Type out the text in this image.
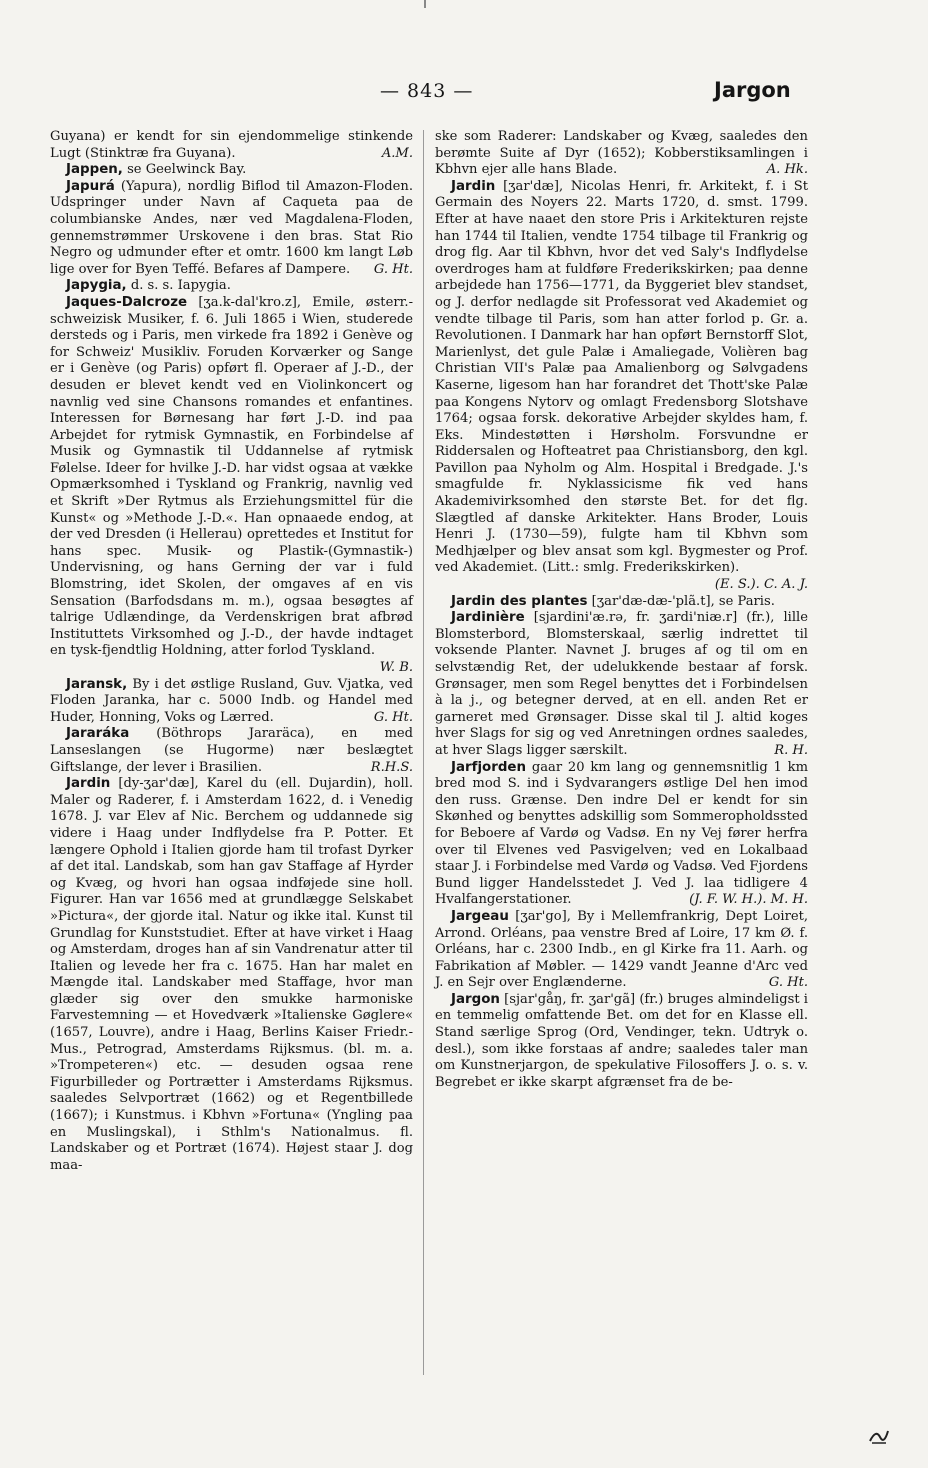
— 843 —	Jargon

Guyana) er kendt for sin ejendommelige stinkende Lugt (Stinktræ fra Guyana).	A.M.

Jappen, se Geelwinck Bay.

Japurá (Yapura), nordlig Biflod til Amazon-Floden. Udspringer under Navn af Caqueta paa de columbianske Andes, nær ved Magdalena-Floden, gennemstrømmer Urskovene i den bras. Stat Rio Negro og udmunder efter et omtr. 1600 km langt Løb lige over for Byen Teffé. Befares af Dampere.	G. Ht.

Japygia, d. s. s. Iapygia.

Jaques-Dalcroze [ʒa.k-dal'kro.z], Emile, østerr.-schweizisk Musiker, f. 6. Juli 1865 i Wien, studerede dersteds og i Paris, men virkede fra 1892 i Genève og for Schweiz' Musikliv. Foruden Korværker og Sange er i Genève (og Paris) opført fl. Operaer af J.-D., der desuden er blevet kendt ved en Violinkoncert og navnlig ved sine Chansons romandes et enfantines. Interessen for Børnesang har ført J.-D. ind paa Arbejdet for rytmisk Gymnastik, en Forbindelse af Musik og Gymnastik til Uddannelse af rytmisk Følelse. Ideer for hvilke J.-D. har vidst ogsaa at vække Opmærksomhed i Tyskland og Frankrig, navnlig ved et Skrift »Der Rytmus als Erziehungsmittel für die Kunst« og »Methode J.-D.«. Han opnaaede endog, at der ved Dresden (i Hellerau) oprettedes et Institut for hans spec. Musik- og Plastik-(Gymnastik-) Undervisning, og hans Gerning der var i fuld Blomstring, idet Skolen, der omgaves af en vis Sensation (Barfodsdans m. m.), ogsaa besøgtes af talrige Udlændinge, da Verdenskrigen brat afbrød Instituttets Virksomhed og J.-D., der havde indtaget en tysk-fjendtlig Holdning, atter forlod Tyskland.
W. B.

Jaransk, By i det østlige Rusland, Guv. Vjatka, ved Floden Jaranka, har c. 5000 Indb. og Handel med Huder, Honning, Voks og Lærred.	G. Ht.

Jararáka (Böthrops Jararäca), en med Lanseslangen (se Hugorme) nær beslægtet Giftslange, der lever i Brasilien.	R.H.S.

Jardin [dy-ʒar'dæ], Karel du (ell. Dujardin), holl. Maler og Raderer, f. i Amsterdam 1622, d. i Venedig 1678. J. var Elev af Nic. Berchem og uddannede sig videre i Haag under Indflydelse fra P. Potter. Et længere Ophold i Italien gjorde ham til trofast Dyrker af det ital. Landskab, som han gav Staffage af Hyrder og Kvæg, og hvori han ogsaa indføjede sine holl. Figurer. Han var 1656 med at grundlægge Selskabet »Pictura«, der gjorde ital. Natur og ikke ital. Kunst til Grundlag for Kunststudiet. Efter at have virket i Haag og Amsterdam, droges han af sin Vandrenatur atter til Italien og levede her fra c. 1675. Han har malet en Mængde ital. Landskaber med Staffage, hvor man glæder sig over den smukke harmoniske Farvestemning — et Hovedværk »Italienske Gøglere« (1657, Louvre), andre i Haag, Berlins Kaiser Friedr.-Mus., Petrograd, Amsterdams Rijksmus. (bl. m. a. »Trompeteren«) etc. — desuden ogsaa rene Figurbilleder og Portrætter i Amsterdams Rijksmus. saaledes Selvportræt (1662) og et Regentbillede (1667); i Kunstmus. i Kbhvn »Fortuna« (Yngling paa en Muslingskal), i Sthlm's Nationalmus. fl. Landskaber og et Portræt (1674). Højest staar J. dog maa-

ske som Raderer: Landskaber og Kvæg, saaledes den berømte Suite af Dyr (1652); Kobberstiksamlingen i Kbhvn ejer alle hans Blade.	A. Hk.

Jardin [ʒar'dæ], Nicolas Henri, fr. Arkitekt, f. i St Germain des Noyers 22. Marts 1720, d. smst. 1799. Efter at have naaet den store Pris i Arkitekturen rejste han 1744 til Italien, vendte 1754 tilbage til Frankrig og drog flg. Aar til Kbhvn, hvor det ved Saly's Indflydelse overdroges ham at fuldføre Frederikskirken; paa denne arbejdede han 1756—1771, da Byggeriet blev standset, og J. derfor nedlagde sit Professorat ved Akademiet og vendte tilbage til Paris, som han atter forlod p. Gr. a. Revolutionen. I Danmark har han opført Bernstorff Slot, Marienlyst, det gule Palæ i Amaliegade, Volièren bag Christian VII's Palæ paa Amalienborg og Sølvgadens Kaserne, ligesom han har forandret det Thott'ske Palæ paa Kongens Nytorv og omlagt Fredensborg Slotshave 1764; ogsaa forsk. dekorative Arbejder skyldes ham, f. Eks. Mindestøtten i Hørsholm. Forsvundne er Riddersalen og Hofteatret paa Christiansborg, den kgl. Pavillon paa Nyholm og Alm. Hospital i Bredgade. J.'s smagfulde fr. Nyklassicisme fik ved hans Akademivirksomhed den største Bet. for det flg. Slægtled af danske Arkitekter. Hans Broder, Louis Henri J. (1730—59), fulgte ham til Kbhvn som Medhjælper og blev ansat som kgl. Bygmester og Prof. ved Akademiet. (Litt.: smlg. Frederikskirken).
(E. S.). C. A. J.

Jardin des plantes [ʒar'dæ-dæ-'plã.t], se Paris.

Jardinière [sjardini'æ.rə, fr. ʒardi'niæ.r] (fr.), lille Blomsterbord, Blomsterskaal, særlig indrettet til voksende Planter. Navnet J. bruges af og til om en selvstændig Ret, der udelukkende bestaar af forsk. Grønsager, men som Regel benyttes det i Forbindelsen à la j., og betegner derved, at en ell. anden Ret er garneret med Grønsager. Disse skal til J. altid koges hver Slags for sig og ved Anretningen ordnes saaledes, at hver Slags ligger særskilt.	R. H.

Jarfjorden gaar 20 km lang og gennemsnitlig 1 km bred mod S. ind i Sydvarangers østlige Del hen imod den russ. Grænse. Den indre Del er kendt for sin Skønhed og benyttes adskillig som Sommeropholdssted for Beboere af Vardø og Vadsø. En ny Vej fører herfra over til Elvenes ved Pasvigelven; ved en Lokalbaad staar J. i Forbindelse med Vardø og Vadsø. Ved Fjordens Bund ligger Handelsstedet J. Ved J. laa tidligere 4 Hvalfangerstationer.	(J. F. W. H.). M. H.

Jargeau [ʒar'go], By i Mellemfrankrig, Dept Loiret, Arrond. Orléans, paa venstre Bred af Loire, 17 km Ø. f. Orléans, har c. 2300 Indb., en gl Kirke fra 11. Aarh. og Fabrikation af Møbler. — 1429 vandt Jeanne d'Arc ved J. en Sejr over Englænderne.	G. Ht.

Jargon [sjar'gåŋ, fr. ʒar'gã] (fr.) bruges almindeligst i en temmelig omfattende Bet. om det for en Klasse ell. Stand særlige Sprog (Ord, Vendinger, tekn. Udtryk o. desl.), som ikke forstaas af andre; saaledes taler man om Kunstnerjargon, de spekulative Filosoffers J. o. s. v. Begrebet er ikke skarpt afgrænset fra de be-
